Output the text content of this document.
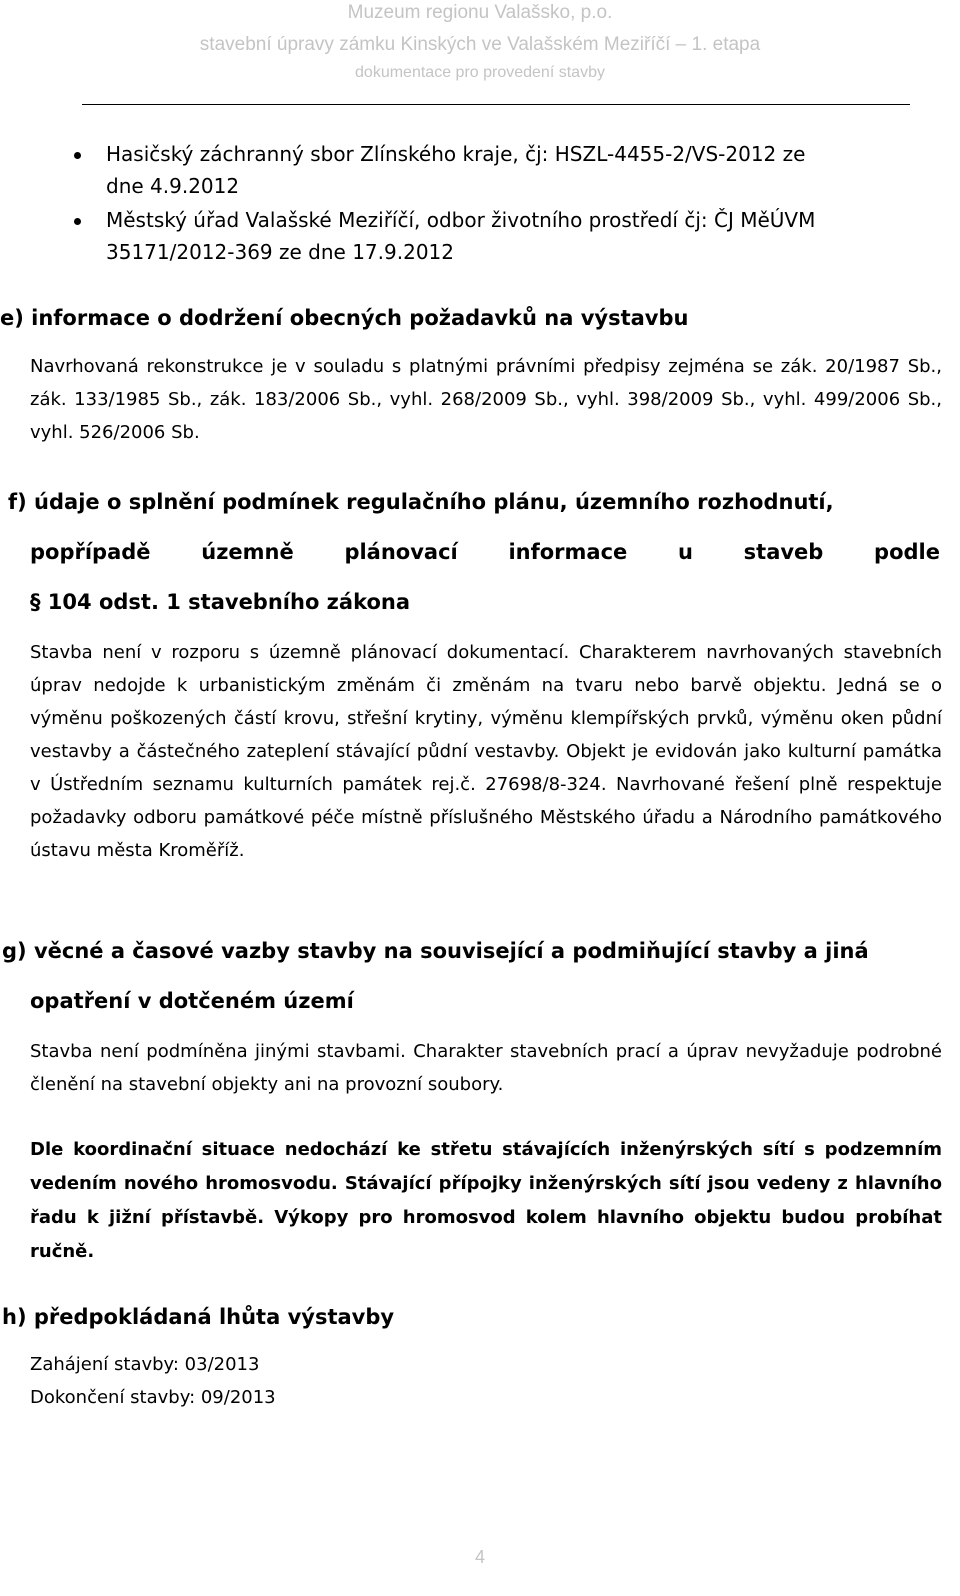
Muzeum regionu Valašsko, p.o.
stavební úpravy zámku Kinských ve Valašském Meziříčí – 1. etapa
dokumentace pro provedení stavby
Hasičský záchranný sbor Zlínského kraje, čj: HSZL-4455-2/VS-2012 ze dne 4.9.2012
Městský úřad Valašské Meziříčí, odbor životního prostředí čj: ČJ MěÚVM 35171/2012-369 ze dne 17.9.2012
e) informace o dodržení obecných požadavků na výstavbu

Navrhovaná rekonstrukce je v souladu s platnými právními předpisy zejména se zák. 20/1987 Sb., zák. 133/1985 Sb., zák. 183/2006 Sb., vyhl. 268/2009 Sb., vyhl. 398/2009 Sb., vyhl. 499/2006 Sb., vyhl. 526/2006 Sb.

f) údaje o splnění podmínek regulačního plánu, územního rozhodnutí,

popřípadě územně plánovací informace u staveb podle

§ 104 odst. 1 stavebního zákona

Stavba není v rozporu s územně plánovací dokumentací. Charakterem navrhovaných stavebních úprav nedojde k urbanistickým změnám či změnám na tvaru nebo barvě objektu. Jedná se o výměnu poškozených částí krovu, střešní krytiny, výměnu klempířských prvků, výměnu oken půdní vestavby a částečného zateplení stávající půdní vestavby. Objekt je evidován jako kulturní památka v Ústředním seznamu kulturních památek rej.č. 27698/8-324. Navrhované řešení plně respektuje požadavky odboru památkové péče místně příslušného Městského úřadu a Národního památkového ústavu města Kroměříž.

g) věcné a časové vazby stavby na související a podmiňující stavby a jiná
opatření v dotčeném území

Stavba není podmíněna jinými stavbami. Charakter stavebních prací a úprav nevyžaduje podrobné členění na stavební objekty ani na provozní soubory.

Dle koordinační situace nedochází ke střetu stávajících inženýrských sítí s podzemním vedením nového hromosvodu. Stávající přípojky inženýrských sítí jsou vedeny z hlavního řadu k jižní přístavbě. Výkopy pro hromosvod kolem hlavního objektu budou probíhat ručně.

h) předpokládaná lhůta výstavby

Zahájení stavby: 03/2013

Dokončení stavby: 09/2013

4
